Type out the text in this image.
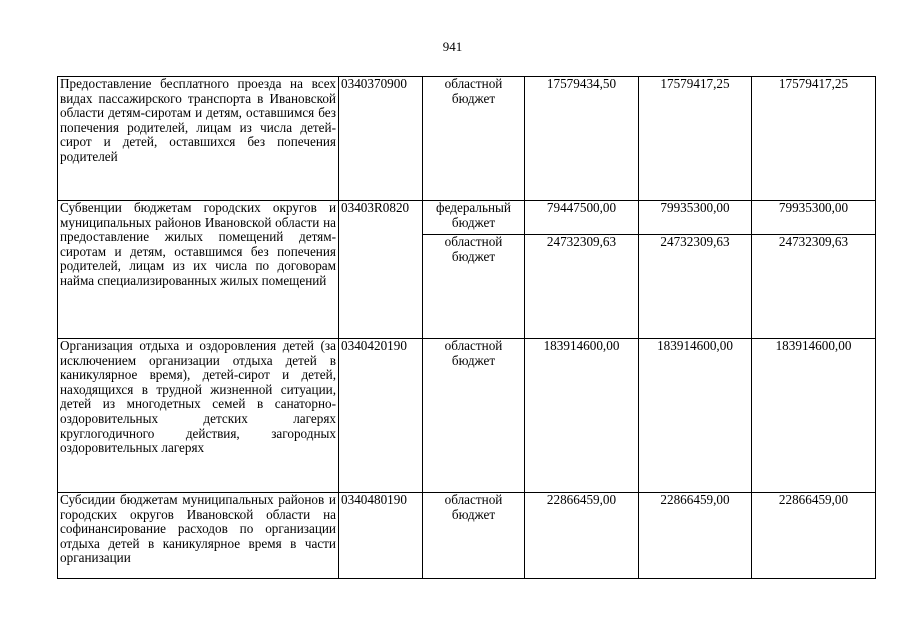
941
Предоставление бесплатного проезда на всех видах пассажирского транспорта в Ивановской области детям-сиротам и детям, оставшимся без попечения родителей, лицам из числа детей-сирот и детей, оставшихся без попечения родителей	0340370900	областной бюджет	17579434,50	17579417,25	17579417,25
Субвенции бюджетам городских округов и муниципальных районов Ивановской области на предоставление жилых помещений детям-сиротам и детям, оставшимся без попечения родителей, лицам из их числа по договорам найма специализированных жилых помещений	03403R0820	федеральный бюджет	79447500,00	79935300,00	79935300,00
		областной бюджет	24732309,63	24732309,63	24732309,63
Организация отдыха и оздоровления детей (за исключением организации отдыха детей в каникулярное время), детей-сирот и детей, находящихся в трудной жизненной ситуации, детей из многодетных семей в санаторно-оздоровительных детских лагерях круглогодичного действия, загородных оздоровительных лагерях	0340420190	областной бюджет	183914600,00	183914600,00	183914600,00
Субсидии бюджетам муниципальных районов и городских округов Ивановской области на софинансирование расходов по организации отдыха детей в каникулярное время в части организации	0340480190	областной бюджет	22866459,00	22866459,00	22866459,00
